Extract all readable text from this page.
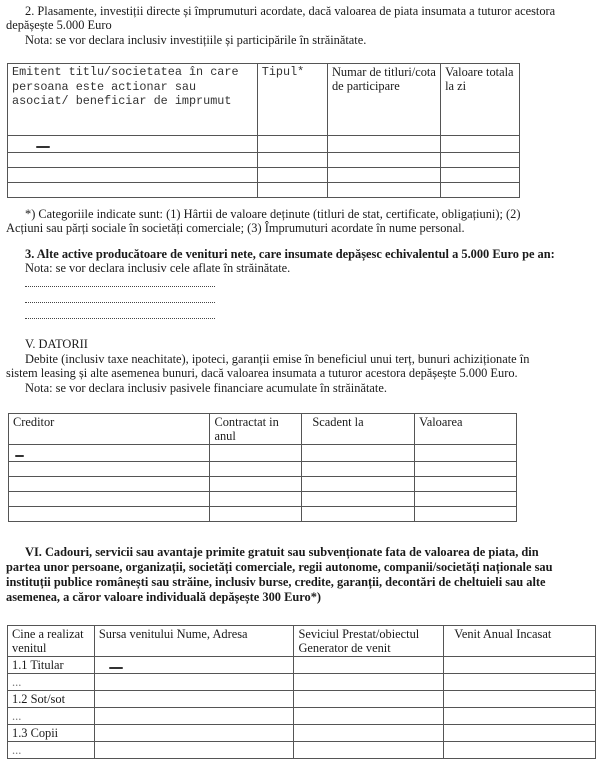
2. Plasamente, investiții directe și împrumuturi acordate, dacă valoarea de piata insumata a tuturor acestora
depășește 5.000 Euro
Nota: se vor declara inclusiv investițiile și participările în străinătate.
Emitent titlu/societatea în care persoana este actionar sau asociat/ beneficiar de imprumut	Tipul*	Numar de titluri/cota de participare	Valoare totala la zi

*) Categoriile indicate sunt: (1) Hârtii de valoare deținute (titluri de stat, certificate, obligațiuni); (2)
Acțiuni sau părți sociale în societăți comerciale; (3) Împrumuturi acordate în nume personal.
3. Alte active producătoare de venituri nete, care insumate depășesc echivalentul a 5.000 Euro pe an:
Nota: se vor declara inclusiv cele aflate în străinătate.
V. DATORII
Debite (inclusiv taxe neachitate), ipoteci, garanții emise în beneficiul unui terț, bunuri achiziționate în
sistem leasing și alte asemenea bunuri, dacă valoarea insumata a tuturor acestora depășește 5.000 Euro.
Nota: se vor declara inclusiv pasivele financiare acumulate în străinătate.
Creditor	Contractat in anul	Scadent la	Valoarea

VI. Cadouri, servicii sau avantaje primite gratuit sau subvenționate fata de valoarea de piata, din
partea unor persoane, organizații, societăți comerciale, regii autonome, companii/societăți naționale sau
instituții publice românești sau străine, inclusiv burse, credite, garanții, decontări de cheltuieli sau alte
asemenea, a căror valoare individuală depășește 300 Euro*)
Cine a realizat venitul	Sursa venitului Nume, Adresa	Seviciul Prestat/obiectul Generator de venit	Venit Anual Incasat
1.1 Titular			
...			
1.2 Sot/sot			
...			
1.3 Copii			
...			
